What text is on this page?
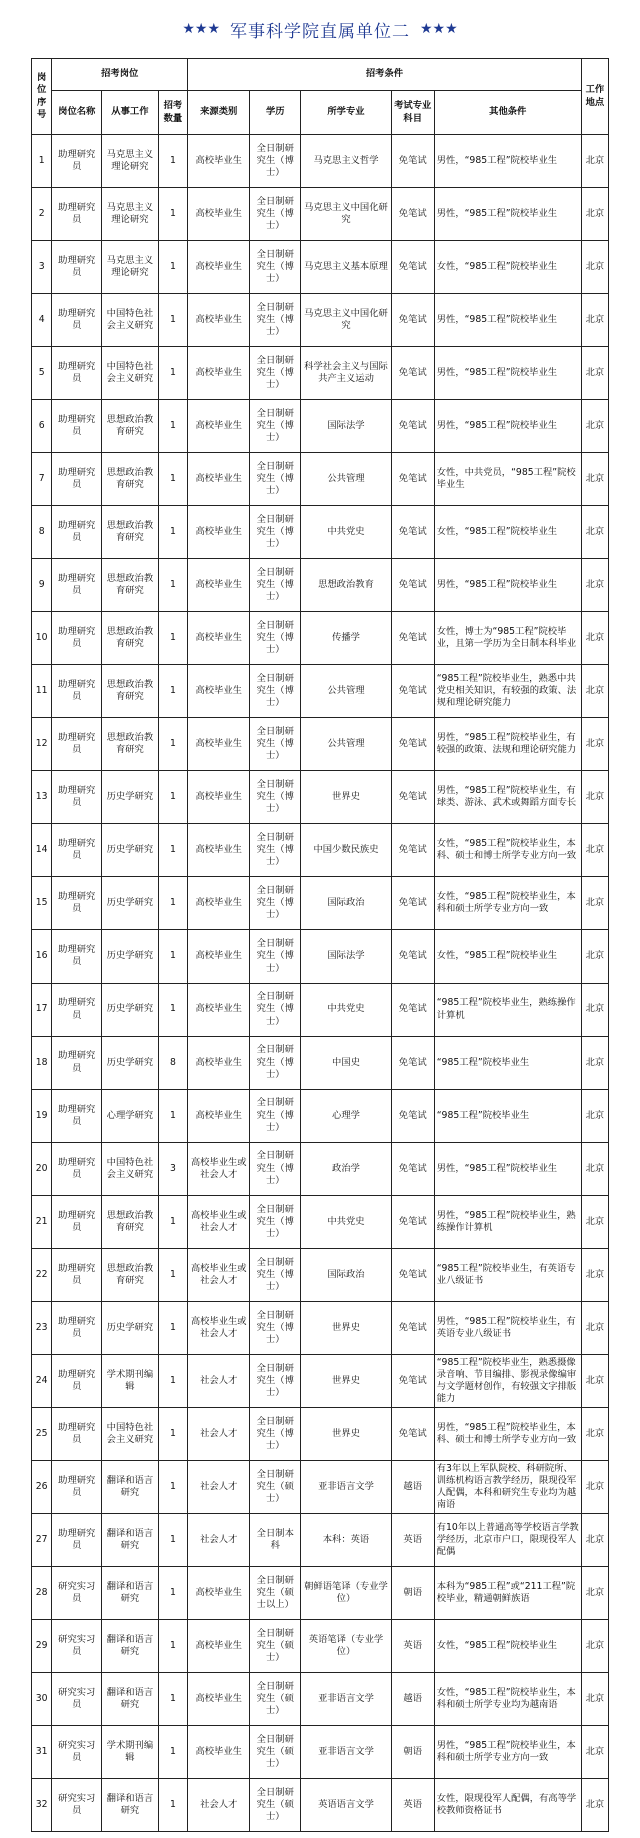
★★★ 军事科学院直属单位二 ★★★
岗位序号	招考岗位			招考条件					工作地点
	岗位名称	从事工作	招考数量	来源类别	学历	所学专业	考试专业科目	其他条件	
1	助理研究员	马克思主义理论研究	1	高校毕业生	全日制研究生（博士）	马克思主义哲学	免笔试	男性，“985工程”院校毕业生	北京
2	助理研究员	马克思主义理论研究	1	高校毕业生	全日制研究生（博士）	马克思主义中国化研究	免笔试	男性，“985工程”院校毕业生	北京
3	助理研究员	马克思主义理论研究	1	高校毕业生	全日制研究生（博士）	马克思主义基本原理	免笔试	女性，“985工程”院校毕业生	北京
4	助理研究员	中国特色社会主义研究	1	高校毕业生	全日制研究生（博士）	马克思主义中国化研究	免笔试	男性，“985工程”院校毕业生	北京
5	助理研究员	中国特色社会主义研究	1	高校毕业生	全日制研究生（博士）	科学社会主义与国际共产主义运动	免笔试	男性，“985工程”院校毕业生	北京
6	助理研究员	思想政治教育研究	1	高校毕业生	全日制研究生（博士）	国际法学	免笔试	男性，“985工程”院校毕业生	北京
7	助理研究员	思想政治教育研究	1	高校毕业生	全日制研究生（博士）	公共管理	免笔试	女性，中共党员，“985工程”院校毕业生	北京
8	助理研究员	思想政治教育研究	1	高校毕业生	全日制研究生（博士）	中共党史	免笔试	女性，“985工程”院校毕业生	北京
9	助理研究员	思想政治教育研究	1	高校毕业生	全日制研究生（博士）	思想政治教育	免笔试	男性，“985工程”院校毕业生	北京
10	助理研究员	思想政治教育研究	1	高校毕业生	全日制研究生（博士）	传播学	免笔试	女性，博士为“985工程”院校毕业，且第一学历为全日制本科毕业	北京
11	助理研究员	思想政治教育研究	1	高校毕业生	全日制研究生（博士）	公共管理	免笔试	“985工程”院校毕业生，熟悉中共党史相关知识，有较强的政策、法规和理论研究能力	北京
12	助理研究员	思想政治教育研究	1	高校毕业生	全日制研究生（博士）	公共管理	免笔试	男性，“985工程”院校毕业生，有较强的政策、法规和理论研究能力	北京
13	助理研究员	历史学研究	1	高校毕业生	全日制研究生（博士）	世界史	免笔试	男性，“985工程”院校毕业生，有球类、游泳、武术或舞蹈方面专长	北京
14	助理研究员	历史学研究	1	高校毕业生	全日制研究生（博士）	中国少数民族史	免笔试	女性，“985工程”院校毕业生，本科、硕士和博士所学专业方向一致	北京
15	助理研究员	历史学研究	1	高校毕业生	全日制研究生（博士）	国际政治	免笔试	女性，“985工程”院校毕业生，本科和硕士所学专业方向一致	北京
16	助理研究员	历史学研究	1	高校毕业生	全日制研究生（博士）	国际法学	免笔试	女性，“985工程”院校毕业生	北京
17	助理研究员	历史学研究	1	高校毕业生	全日制研究生（博士）	中共党史	免笔试	“985工程”院校毕业生，熟练操作计算机	北京
18	助理研究员	历史学研究	8	高校毕业生	全日制研究生（博士）	中国史	免笔试	“985工程”院校毕业生	北京
19	助理研究员	心理学研究	1	高校毕业生	全日制研究生（博士）	心理学	免笔试	“985工程”院校毕业生	北京
20	助理研究员	中国特色社会主义研究	3	高校毕业生或社会人才	全日制研究生（博士）	政治学	免笔试	男性，“985工程”院校毕业生	北京
21	助理研究员	思想政治教育研究	1	高校毕业生或社会人才	全日制研究生（博士）	中共党史	免笔试	男性，“985工程”院校毕业生，熟练操作计算机	北京
22	助理研究员	思想政治教育研究	1	高校毕业生或社会人才	全日制研究生（博士）	国际政治	免笔试	“985工程”院校毕业生，有英语专业八级证书	北京
23	助理研究员	历史学研究	1	高校毕业生或社会人才	全日制研究生（博士）	世界史	免笔试	男性，“985工程”院校毕业生，有英语专业八级证书	北京
24	助理研究员	学术期刊编辑	1	社会人才	全日制研究生（博士）	世界史	免笔试	“985工程”院校毕业生，熟悉摄像录音响、节目编排、影视录像编审与文学题材创作，有较强文字排版能力	北京
25	助理研究员	中国特色社会主义研究	1	社会人才	全日制研究生（博士）	世界史	免笔试	男性，“985工程”院校毕业生，本科、硕士和博士所学专业方向一致	北京
26	助理研究员	翻译和语言研究	1	社会人才	全日制研究生（硕士）	亚非语言文学	越语	有3年以上军队院校、科研院所、训练机构语言教学经历，限现役军人配偶，本科和研究生专业均为越南语	北京
27	助理研究员	翻译和语言研究	1	社会人才	全日制本科	本科：英语	英语	有10年以上普通高等学校语言学教学经历，北京市户口，限现役军人配偶	北京
28	研究实习员	翻译和语言研究	1	高校毕业生	全日制研究生（硕士以上）	朝鲜语笔译（专业学位）	朝语	本科为“985工程”或“211工程”院校毕业，精通朝鲜族语	北京
29	研究实习员	翻译和语言研究	1	高校毕业生	全日制研究生（硕士）	英语笔译（专业学位）	英语	女性，“985工程”院校毕业生	北京
30	研究实习员	翻译和语言研究	1	高校毕业生	全日制研究生（硕士）	亚非语言文学	越语	女性，“985工程”院校毕业生，本科和硕士所学专业均为越南语	北京
31	研究实习员	学术期刊编辑	1	高校毕业生	全日制研究生（硕士）	亚非语言文学	朝语	男性，“985工程”院校毕业生，本科和硕士所学专业方向一致	北京
32	研究实习员	翻译和语言研究	1	社会人才	全日制研究生（硕士）	英语语言文学	英语	女性，限现役军人配偶，有高等学校教师资格证书	北京
